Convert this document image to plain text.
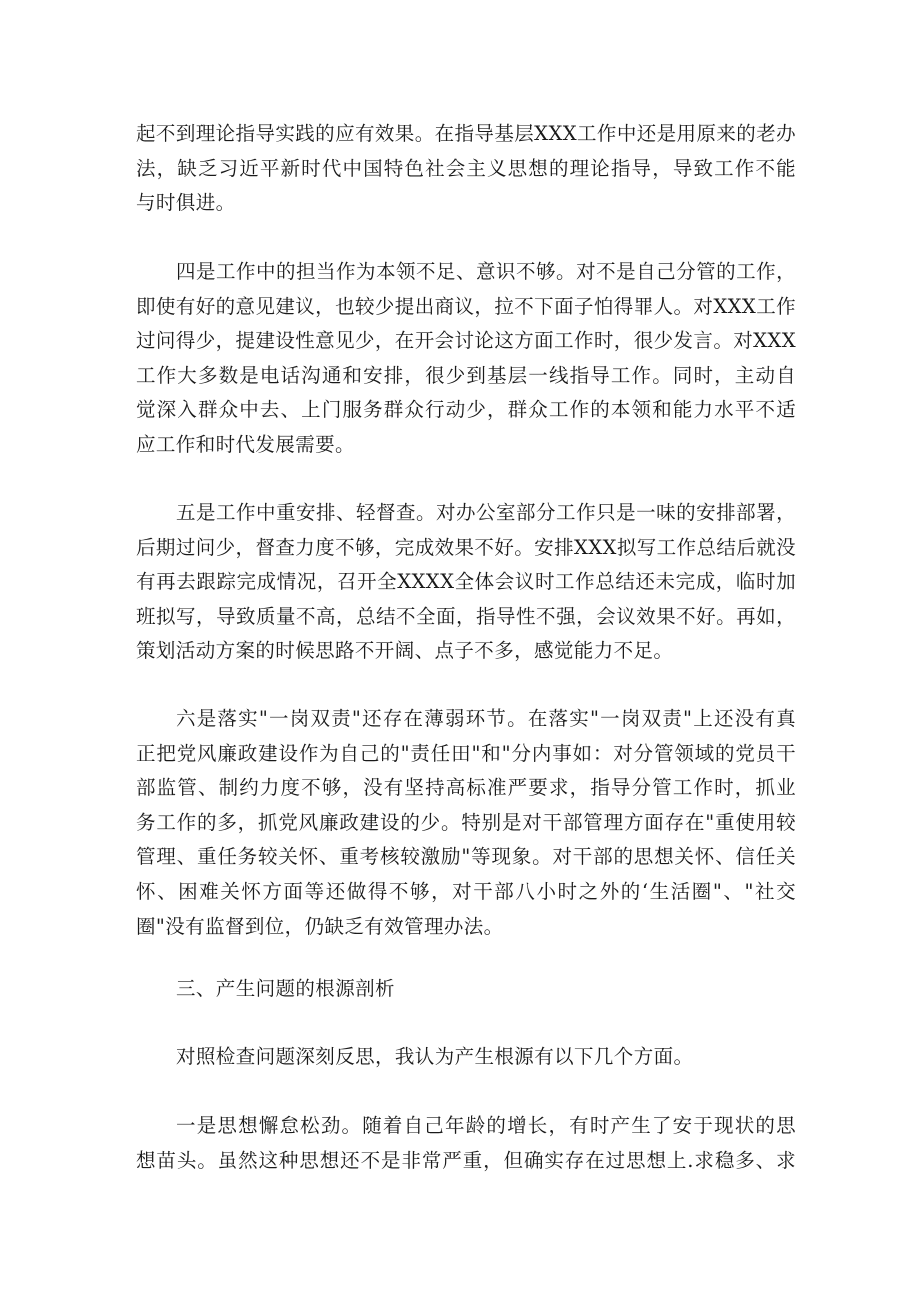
起不到理论指导实践的应有效果。在指导基层XXX工作中还是用原来的老办
法，缺乏习近平新时代中国特色社会主义思想的理论指导，导致工作不能
与时俱进。
四是工作中的担当作为本领不足、意识不够。对不是自己分管的工作，
即使有好的意见建议，也较少提出商议，拉不下面子怕得罪人。对XXX工作
过问得少，提建设性意见少，在开会讨论这方面工作时，很少发言。对XXX
工作大多数是电话沟通和安排，很少到基层一线指导工作。同时，主动自
觉深入群众中去、上门服务群众行动少，群众工作的本领和能力水平不适
应工作和时代发展需要。
五是工作中重安排、轻督查。对办公室部分工作只是一味的安排部署，
后期过问少，督查力度不够，完成效果不好。安排XXX拟写工作总结后就没
有再去跟踪完成情况，召开全XXXX全体会议时工作总结还未完成，临时加
班拟写，导致质量不高，总结不全面，指导性不强，会议效果不好。再如，
策划活动方案的时候思路不开阔、点子不多，感觉能力不足。
六是落实"一岗双责"还存在薄弱环节。在落实"一岗双责"上还没有真
正把党风廉政建设作为自己的"责任田"和"分内事如：对分管领域的党员干
部监管、制约力度不够，没有坚持高标准严要求，指导分管工作时，抓业
务工作的多，抓党风廉政建设的少。特别是对干部管理方面存在"重使用较
管理、重任务较关怀、重考核较激励"等现象。对干部的思想关怀、信任关
怀、困难关怀方面等还做得不够，对干部八小时之外的‘生活圈"、"社交
圈"没有监督到位，仍缺乏有效管理办法。
三、产生问题的根源剖析
对照检查问题深刻反思，我认为产生根源有以下几个方面。
一是思想懈怠松劲。随着自己年龄的增长，有时产生了安于现状的思
想苗头。虽然这种思想还不是非常严重，但确实存在过思想上.求稳多、求
